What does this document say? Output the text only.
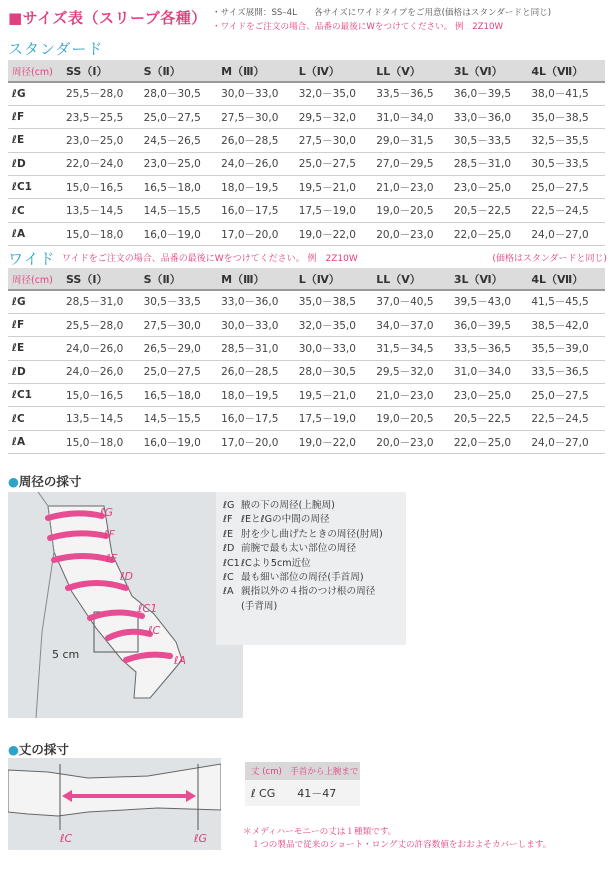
■サイズ表（スリーブ各種） ・サイズ展開：SS–4L　　各サイズにワイドタイプをご用意(価格はスタンダードと同じ)
・ワイドをご注文の場合、品番の最後にWをつけてください。 例　2Z10W
スタンダード
周径(cm)	SS（Ⅰ）	S（Ⅱ）	M（Ⅲ）	L（Ⅳ）	LL（Ⅴ）	3L（Ⅵ）	4L（Ⅶ）
ℓG	25,5－28,0	28,0－30,5	30,0－33,0	32,0－35,0	33,5－36,5	36,0－39,5	38,0－41,5
ℓF	23,5－25,5	25,0－27,5	27,5－30,0	29,5－32,0	31,0－34,0	33,0－36,0	35,0－38,5
ℓE	23,0－25,0	24,5－26,5	26,0－28,5	27,5－30,0	29,0－31,5	30,5－33,5	32,5－35,5
ℓD	22,0－24,0	23,0－25,0	24,0－26,0	25,0－27,5	27,0－29,5	28,5－31,0	30,5－33,5
ℓC1	15,0－16,5	16,5－18,0	18,0－19,5	19,5－21,0	21,0－23,0	23,0－25,0	25,0－27,5
ℓC	13,5－14,5	14,5－15,5	16,0－17,5	17,5－19,0	19,0－20,5	20,5－22,5	22,5－24,5
ℓA	15,0－18,0	16,0－19,0	17,0－20,0	19,0－22,0	20,0－23,0	22,0－25,0	24,0－27,0
ワイド ワイドをご注文の場合、品番の最後にWをつけてください。 例　2Z10W	(価格はスタンダードと同じ)
周径(cm)	SS（Ⅰ）	S（Ⅱ）	M（Ⅲ）	L（Ⅳ）	LL（Ⅴ）	3L（Ⅵ）	4L（Ⅶ）
ℓG	28,5－31,0	30,5－33,5	33,0－36,0	35,0－38,5	37,0－40,5	39,5－43,0	41,5－45,5
ℓF	25,5－28,0	27,5－30,0	30,0－33,0	32,0－35,0	34,0－37,0	36,0－39,5	38,5－42,0
ℓE	24,0－26,0	26,5－29,0	28,5－31,0	30,0－33,0	31,5－34,5	33,5－36,5	35,5－39,0
ℓD	24,0－26,0	25,0－27,5	26,0－28,5	28,0－30,5	29,5－32,0	31,0－34,0	33,5－36,5
ℓC1	15,0－16,5	16,5－18,0	18,0－19,5	19,5－21,0	21,0－23,0	23,0－25,0	25,0－27,5
ℓC	13,5－14,5	14,5－15,5	16,0－17,5	17,5－19,0	19,0－20,5	20,5－22,5	22,5－24,5
ℓA	15,0－18,0	16,0－19,0	17,0－20,0	19,0－22,0	20,0－23,0	22,0－25,0	24,0－27,0
●周径の採寸
ℓG
ℓF
ℓE
ℓD
ℓC1
ℓC
ℓA
5 cm
ℓG 腋の下の周径(上腕周)
ℓF ℓEとℓGの中間の周径
ℓE 肘を少し曲げたときの周径(肘周)
ℓD 前腕で最も太い部位の周径
ℓC1ℓCより5cm近位
ℓC 最も細い部位の周径(手首周)
ℓA 親指以外の４指のつけ根の周径
(手背周)
●丈の採寸
ℓC	ℓG
丈 (cm)　 手首から上腕まで
ℓ CG　　 41－47
＊メディハーモニーの丈は１種類です。
　１つの製品で従来のショート・ロング丈の許容数値をおおよそカバーします。
